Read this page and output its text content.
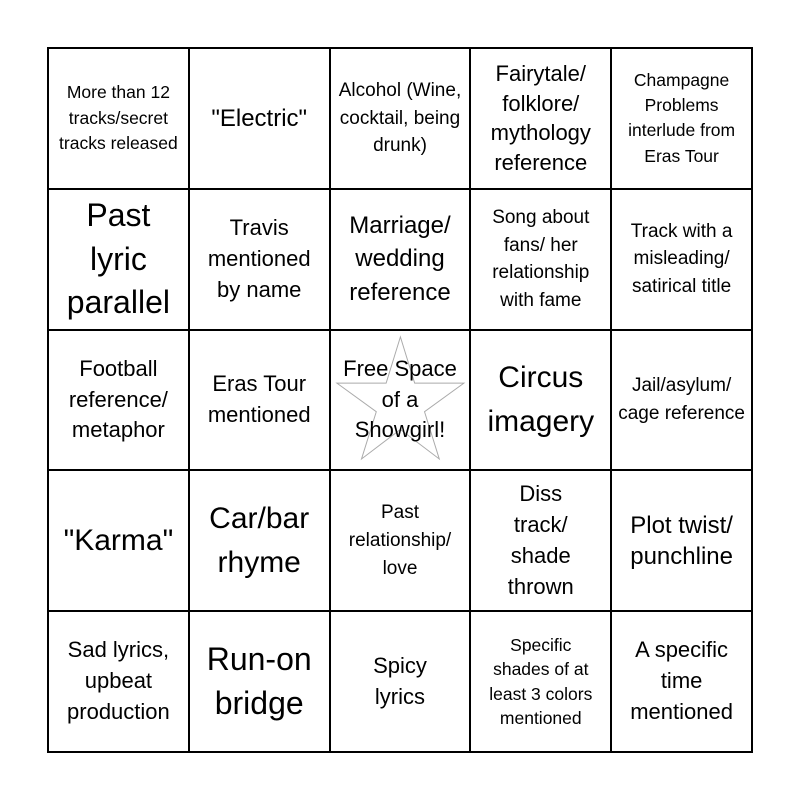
More than 12 tracks/secret tracks released
"Electric"
Alcohol (Wine, cocktail, being drunk)
Fairytale/ folklore/ mythology reference
Champagne Problems interlude from Eras Tour
Past lyric parallel
Travis mentioned by name
Marriage/ wedding reference
Song about fans/ her relationship with fame
Track with a misleading/ satirical title
Football reference/ metaphor
Eras Tour mentioned
Free Space of a Showgirl!
Circus imagery
Jail/asylum/ cage reference
"Karma"
Car/bar rhyme
Past relationship/ love
Diss track/ shade thrown
Plot twist/ punchline
Sad lyrics, upbeat production
Run-on bridge
Spicy lyrics
Specific shades of at least 3 colors mentioned
A specific time mentioned
